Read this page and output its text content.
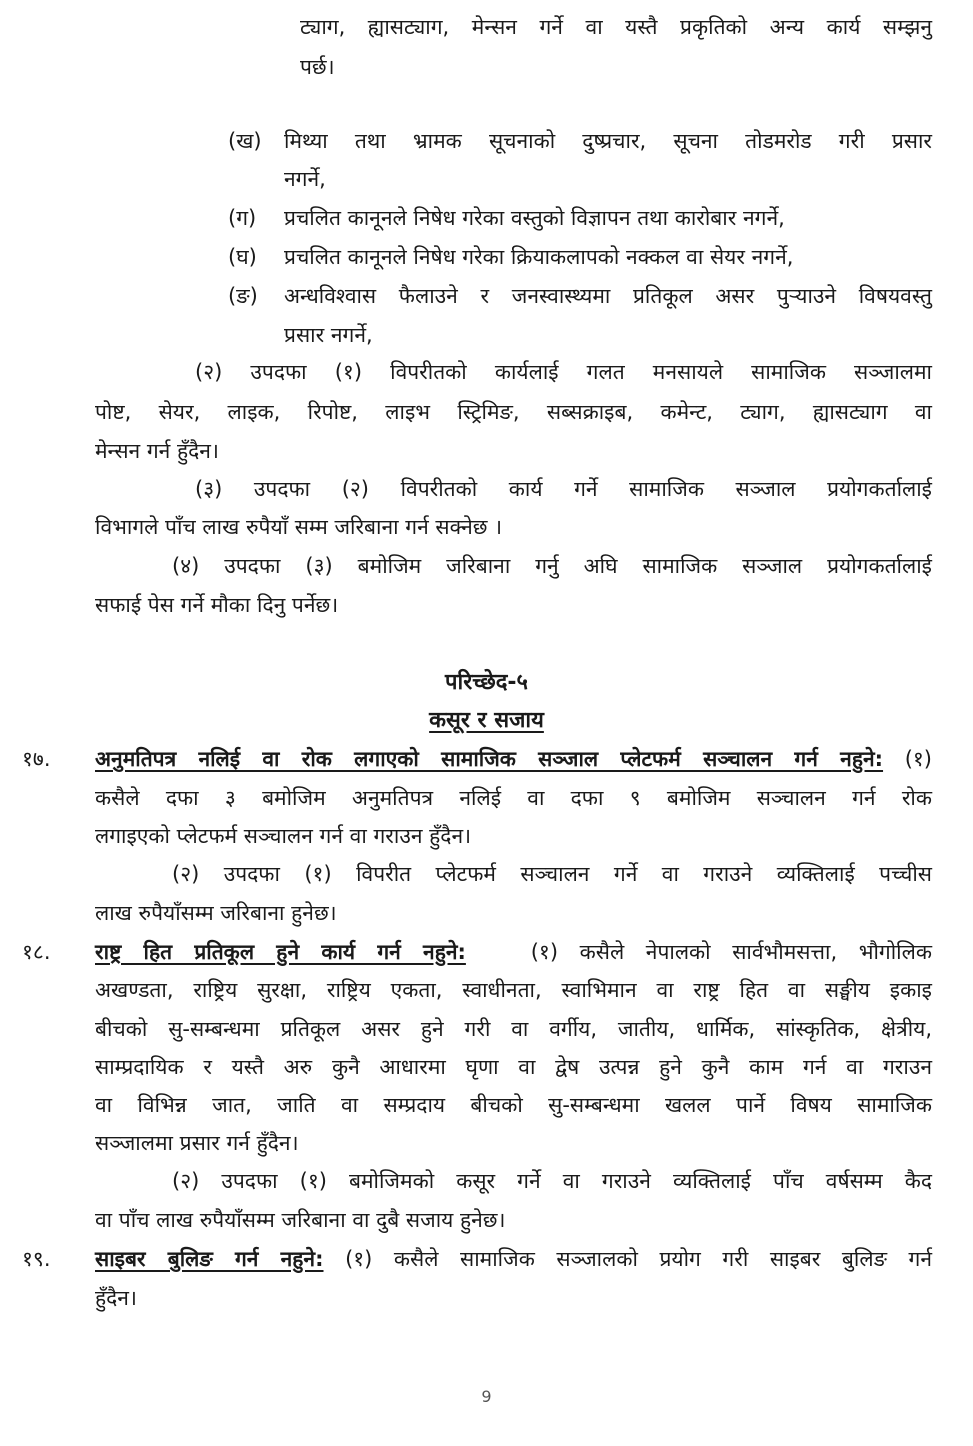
ट्याग, ह्यासट्याग, मेन्सन गर्ने वा यस्तै प्रकृतिको अन्य कार्य सम्झनु
पर्छ।
(ख) मिथ्या तथा भ्रामक सूचनाको दुष्प्रचार, सूचना तोडमरोड गरी प्रसार
नगर्ने,
(ग) प्रचलित कानूनले निषेध गरेका वस्तुको विज्ञापन तथा कारोबार नगर्ने,
(घ) प्रचलित कानूनले निषेध गरेका क्रियाकलापको नक्कल वा सेयर नगर्ने,
(ङ) अन्धविश्वास फैलाउने र जनस्वास्थ्यमा प्रतिकूल असर पुऱ्याउने विषयवस्तु
प्रसार नगर्ने,
(२) उपदफा (१) विपरीतको कार्यलाई गलत मनसायले सामाजिक सञ्जालमा
पोष्ट, सेयर, लाइक, रिपोष्ट, लाइभ स्ट्रिमिङ, सब्सक्राइब, कमेन्ट, ट्याग, ह्यासट्याग वा
मेन्सन गर्न हुँदैन।
(३) उपदफा (२) विपरीतको कार्य गर्ने सामाजिक सञ्जाल प्रयोगकर्तालाई
विभागले पाँच लाख रुपैयाँ सम्म जरिबाना गर्न सक्नेछ ।
(४) उपदफा (३) बमोजिम जरिबाना गर्नु अघि सामाजिक सञ्जाल प्रयोगकर्तालाई
सफाई पेस गर्ने मौका दिनु पर्नेछ।
परिच्छेद-५
कसूर र सजाय
१७. अनुमतिपत्र नलिई वा रोक लगाएको सामाजिक सञ्जाल प्लेटफर्म सञ्चालन गर्न नहुने: (१)
कसैले दफा ३ बमोजिम अनुमतिपत्र नलिई वा दफा ९ बमोजिम सञ्चालन गर्न रोक
लगाइएको प्लेटफर्म सञ्चालन गर्न वा गराउन हुँदैन।
(२) उपदफा (१) विपरीत प्लेटफर्म सञ्चालन गर्ने वा गराउने व्यक्तिलाई पच्चीस
लाख रुपैयाँसम्म जरिबाना हुनेछ।
१८. राष्ट्र हित प्रतिकूल हुने कार्य गर्न नहुने:	(१) कसैले नेपालको सार्वभौमसत्ता, भौगोलिक
अखण्डता, राष्ट्रिय सुरक्षा, राष्ट्रिय एकता, स्वाधीनता, स्वाभिमान वा राष्ट्र हित वा सङ्घीय इकाइ
बीचको सु-सम्बन्धमा प्रतिकूल असर हुने गरी वा वर्गीय, जातीय, धार्मिक, सांस्कृतिक, क्षेत्रीय,
साम्प्रदायिक र यस्तै अरु कुनै आधारमा घृणा वा द्वेष उत्पन्न हुने कुनै काम गर्न वा गराउन
वा विभिन्न जात, जाति वा सम्प्रदाय बीचको सु-सम्बन्धमा खलल पार्ने विषय सामाजिक
सञ्जालमा प्रसार गर्न हुँदैन।
(२) उपदफा (१) बमोजिमको कसूर गर्ने वा गराउने व्यक्तिलाई पाँच वर्षसम्म कैद
वा पाँच लाख रुपैयाँसम्म जरिबाना वा दुबै सजाय हुनेछ।
१९. साइबर बुलिङ गर्न नहुने: (१) कसैले सामाजिक सञ्जालको प्रयोग गरी साइबर बुलिङ गर्न
हुँदैन।
9
